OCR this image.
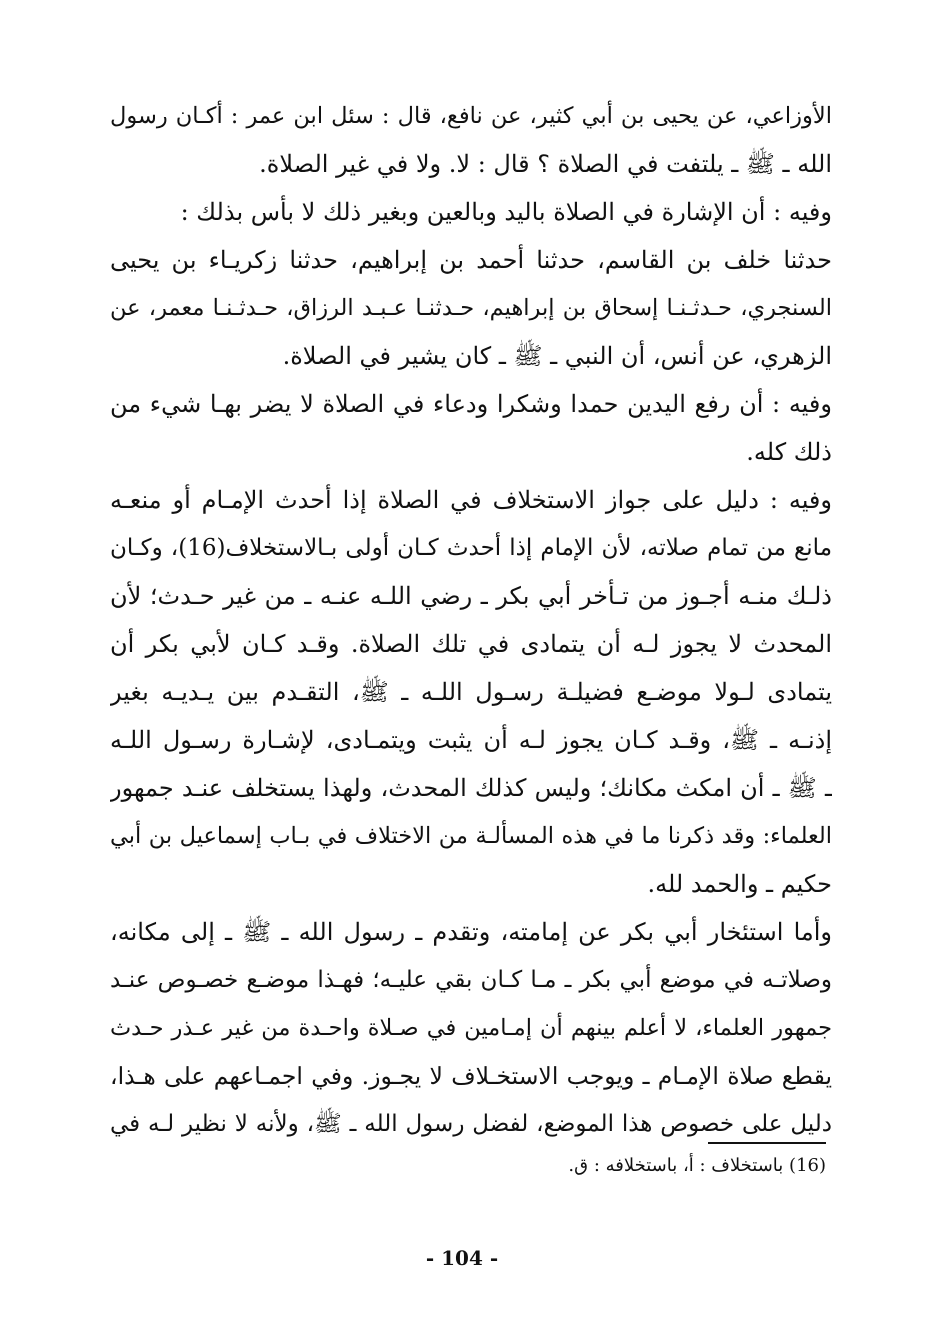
الأوزاعي، عن يحيى بن أبي كثير، عن نافع، قال : سئل ابن عمر : أكـان رسول
الله ـ ﷺ ـ يلتفت في الصلاة ؟ قال : لا. ولا في غير الصلاة.
وفيه : أن الإشارة في الصلاة باليد وبالعين وبغير ذلك لا بأس بذلك :
حدثنا خلف بن القاسم، حدثنا أحمد بن إبراهيم، حدثنا زكريـاء بن يحيى
السنجري، حـدثـنـا إسحاق بن إبراهيم، حـدثنـا عـبـد الرزاق، حـدثـنـا معمر، عن
الزهري، عن أنس، أن النبي ـ ﷺ ـ كان يشير في الصلاة.
وفيه : أن رفع اليدين حمدا وشكرا ودعاء في الصلاة لا يضر بهـا شيء من
ذلك كله.
وفيه : دليل على جواز الاستخلاف في الصلاة إذا أحدث الإمـام أو منعـه
مانع من تمام صلاته، لأن الإمام إذا أحدث كـان أولى بـالاستخلاف(16)، وكـان
ذلـك منـه أجـوز من تـأخر أبي بكر ـ رضي اللـه عنـه ـ من غير حـدث؛ لأن
المحدث لا يجوز لـه أن يتمادى في تلك الصلاة. وقـد كـان لأبي بكر أن
يتمادى لـولا موضـع فضيلـة رسـول اللـه ـ ﷺ، التقـدم بين يـديـه بغير
إذنـه ـ ﷺ، وقـد كـان يجوز لـه أن يثبت ويتمـادى، لإشـارة رسـول اللـه
ـ ﷺ ـ أن امكث مكانك؛ وليس كذلك المحدث، ولهذا يستخلف عنـد جمهور
العلماء: وقد ذكرنا ما في هذه المسألـة من الاختلاف في بـاب إسماعيل بن أبي
حكيم ـ والحمد لله.
وأما استئخار أبي بكر عن إمامته، وتقدم ـ رسول الله ـ ﷺ ـ إلى مكانه،
وصلاتـه في موضع أبي بكر ـ مـا كـان بقي عليـه؛ فهـذا موضـع خصـوص عنـد
جمهور العلماء، لا أعلم بينهم أن إمـامين في صـلاة واحـدة من غير عـذر حـدث
يقطع صلاة الإمـام ـ ويوجب الاستخـلاف لا يجـوز. وفي اجمـاعهم على هـذا،
دليل على خصوص هذا الموضع، لفضل رسول الله ـ ﷺ، ولأنه لا نظير لـه في
(16) باستخلاف : أ، باستخلافه : ق.
- 104 -
